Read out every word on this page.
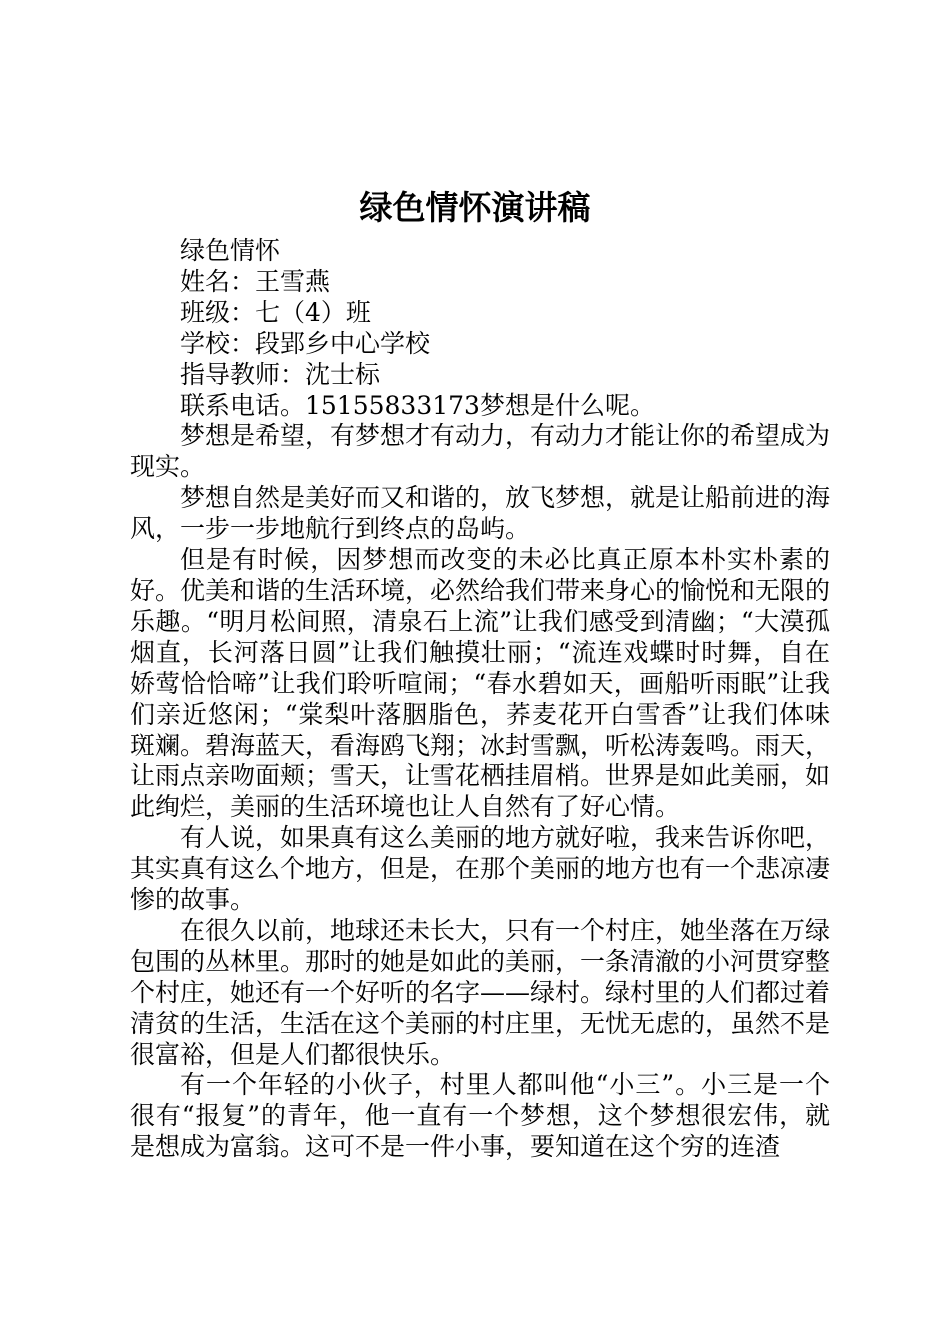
绿色情怀演讲稿

绿色情怀

姓名：王雪燕

班级：七（4）班

学校：段郢乡中心学校

指导教师：沈士标

联系电话。15155833173梦想是什么呢。

梦想是希望，有梦想才有动力，有动力才能让你的希望成为现实。

梦想自然是美好而又和谐的，放飞梦想，就是让船前进的海风，一步一步地航行到终点的岛屿。

但是有时候，因梦想而改变的未必比真正原本朴实朴素的好。优美和谐的生活环境，必然给我们带来身心的愉悦和无限的乐趣。“明月松间照，清泉石上流”让我们感受到清幽；“大漠孤烟直，长河落日圆”让我们触摸壮丽；“流连戏蝶时时舞，自在娇莺恰恰啼”让我们聆听喧闹；“春水碧如天，画船听雨眠”让我们亲近悠闲；“棠梨叶落胭脂色，荞麦花开白雪香”让我们体味斑斓。碧海蓝天，看海鸥飞翔；冰封雪飘，听松涛轰鸣。雨天，让雨点亲吻面颊；雪天，让雪花栖挂眉梢。世界是如此美丽，如此绚烂，美丽的生活环境也让人自然有了好心情。

有人说，如果真有这么美丽的地方就好啦，我来告诉你吧，其实真有这么个地方，但是，在那个美丽的地方也有一个悲凉凄惨的故事。

在很久以前，地球还未长大，只有一个村庄，她坐落在万绿包围的丛林里。那时的她是如此的美丽，一条清澈的小河贯穿整个村庄，她还有一个好听的名字——绿村。绿村里的人们都过着清贫的生活，生活在这个美丽的村庄里，无忧无虑的，虽然不是很富裕，但是人们都很快乐。

有一个年轻的小伙子，村里人都叫他“小三”。小三是一个很有“报复”的青年，他一直有一个梦想，这个梦想很宏伟，就是想成为富翁。这可不是一件小事，要知道在这个穷的连渣
